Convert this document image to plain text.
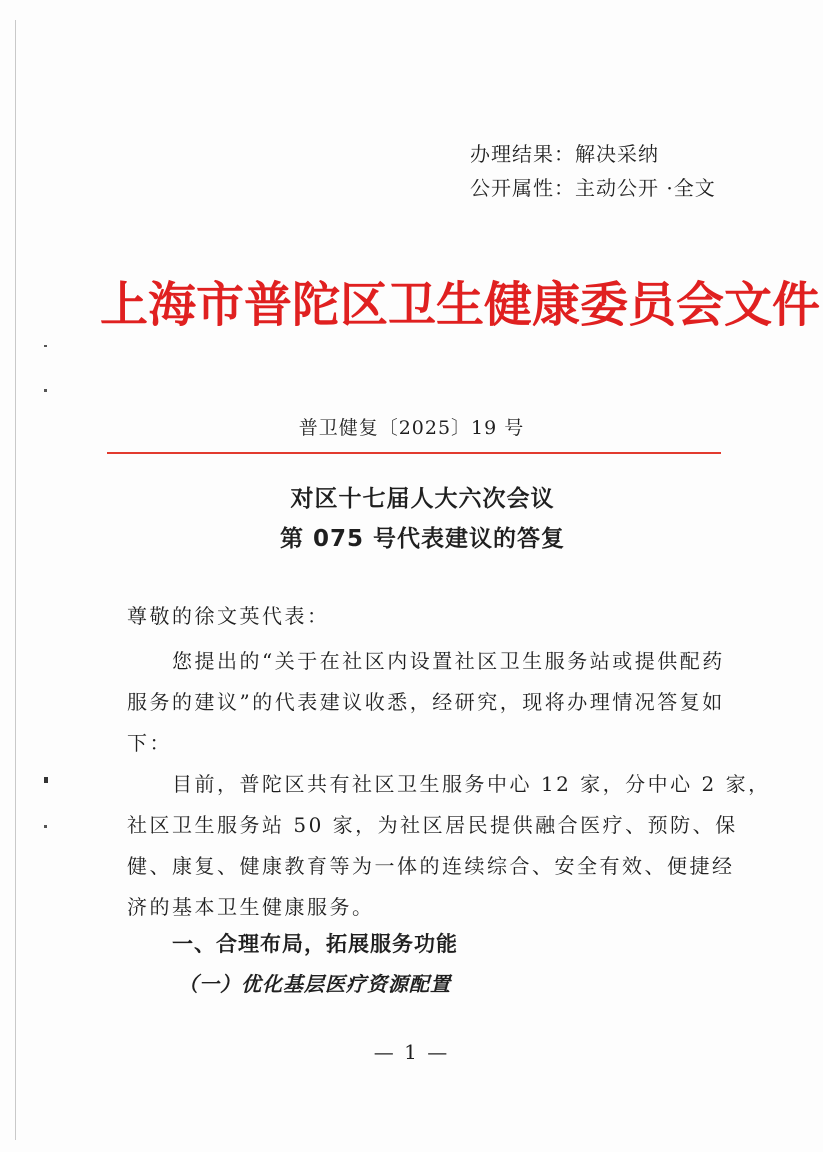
办理结果：解决采纳
公开属性：主动公开 ·全文
上海市普陀区卫生健康委员会文件
普卫健复〔2025〕19 号
对区十七届人大六次会议
第 075 号代表建议的答复
尊敬的徐文英代表：
您提出的“关于在社区内设置社区卫生服务站或提供配药
服务的建议”的代表建议收悉，经研究，现将办理情况答复如
下：
目前，普陀区共有社区卫生服务中心 12 家，分中心 2 家，
社区卫生服务站 50 家，为社区居民提供融合医疗、预防、保
健、康复、健康教育等为一体的连续综合、安全有效、便捷经
济的基本卫生健康服务。
一、合理布局，拓展服务功能
（一）优化基层医疗资源配置
— 1 —
